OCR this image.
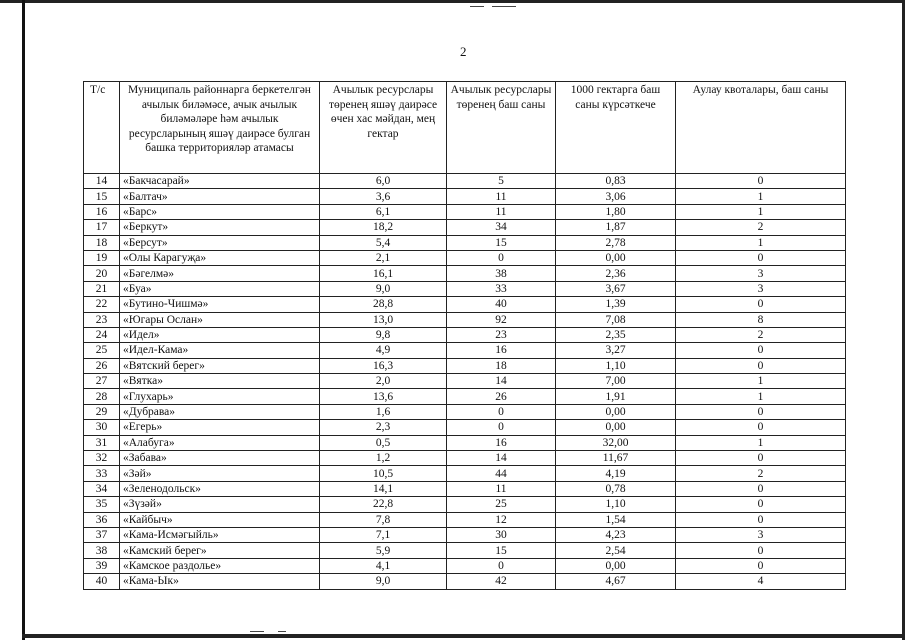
2
Т/с	Муниципаль районнарга беркетелгән ачылык биләмәсе, ачык ачылык биләмәләре һәм ачылык ресурсларының яшәү даирәсе булган башка территорияләр атамасы	Ачылык ресурслары төренең яшәү даирәсе өчен хас мәйдан, мең гектар	Ачылык ресурслары төренең баш саны	1000 гектарга баш саны күрсәткече	Аулау квоталары, баш саны
14	«Бакчасарай»	6,0	5	0,83	0
15	«Балтач»	3,6	11	3,06	1
16	«Барс»	6,1	11	1,80	1
17	«Беркут»	18,2	34	1,87	2
18	«Берсут»	5,4	15	2,78	1
19	«Олы Карагуҗа»	2,1	0	0,00	0
20	«Бәгелмә»	16,1	38	2,36	3
21	«Буа»	9,0	33	3,67	3
22	«Бутино-Чишмә»	28,8	40	1,39	0
23	«Югары Ослан»	13,0	92	7,08	8
24	«Идел»	9,8	23	2,35	2
25	«Идел-Кама»	4,9	16	3,27	0
26	«Вятский берег»	16,3	18	1,10	0
27	«Вятка»	2,0	14	7,00	1
28	«Глухарь»	13,6	26	1,91	1
29	«Дубрава»	1,6	0	0,00	0
30	«Егерь»	2,3	0	0,00	0
31	«Алабуга»	0,5	16	32,00	1
32	«Забава»	1,2	14	11,67	0
33	«Зәй»	10,5	44	4,19	2
34	«Зеленодольск»	14,1	11	0,78	0
35	«Зүзәй»	22,8	25	1,10	0
36	«Кайбыч»	7,8	12	1,54	0
37	«Кама-Исмәгыйль»	7,1	30	4,23	3
38	«Камский берег»	5,9	15	2,54	0
39	«Камское раздолье»	4,1	0	0,00	0
40	«Кама-Ык»	9,0	42	4,67	4
